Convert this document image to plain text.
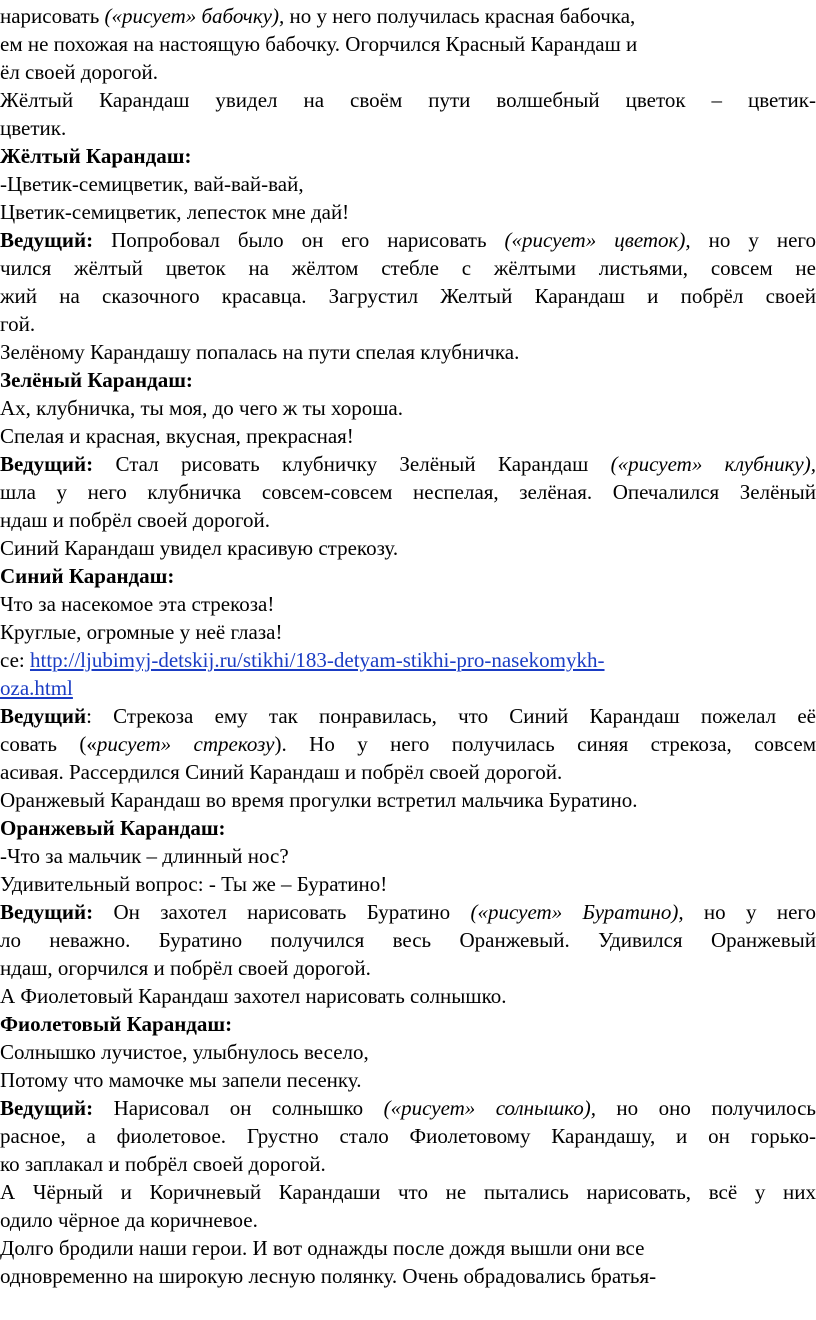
нарисовать («рисует» бабочку), но у него получилась красная бабочка,
ем не похожая на настоящую бабочку. Огорчился Красный Карандаш и
ёл своей дорогой.
Жёлтый Карандаш увидел на своём пути волшебный цветок – цветик-
цветик.
Жёлтый Карандаш:
-Цветик-семицветик, вай-вай-вай,
Цветик-семицветик, лепесток мне дай!
Ведущий: Попробовал было он его нарисовать («рисует» цветок), но у него
чился жёлтый цветок на жёлтом стебле с жёлтыми листьями, совсем не
жий на сказочного красавца. Загрустил Желтый Карандаш и побрёл своей
гой.
Зелёному Карандашу попалась на пути спелая клубничка.
Зелёный Карандаш:
Ах, клубничка, ты моя, до чего ж ты хороша.
Спелая и красная, вкусная, прекрасная!
Ведущий: Стал рисовать клубничку Зелёный Карандаш («рисует» клубнику),
шла у него клубничка совсем-совсем неспелая, зелёная. Опечалился Зелёный
ндаш и побрёл своей дорогой.
Синий Карандаш увидел красивую стрекозу.
Синий Карандаш:
Что за насекомое эта стрекоза!
Круглые, огромные у неё глаза!
се: http://ljubimyj-detskij.ru/stikhi/183-detyam-stikhi-pro-nasekomykh-
oza.html
Ведущий: Стрекоза ему так понравилась, что Синий Карандаш пожелал её
совать («рисует» стрекозу). Но у него получилась синяя стрекоза, совсем
асивая. Рассердился Синий Карандаш и побрёл своей дорогой.
Оранжевый Карандаш во время прогулки встретил мальчика Буратино.
Оранжевый Карандаш:
-Что за мальчик – длинный нос?
Удивительный вопрос: - Ты же – Буратино!
Ведущий: Он захотел нарисовать Буратино («рисует» Буратино), но у него
ло неважно. Буратино получился весь Оранжевый. Удивился Оранжевый
ндаш, огорчился и побрёл своей дорогой.
А Фиолетовый Карандаш захотел нарисовать солнышко.
Фиолетовый Карандаш:
Солнышко лучистое, улыбнулось весело,
Потому что мамочке мы запели песенку.
Ведущий: Нарисовал он солнышко («рисует» солнышко), но оно получилось
расное, а фиолетовое. Грустно стало Фиолетовому Карандашу, и он горько-
ко заплакал и побрёл своей дорогой.
А Чёрный и Коричневый Карандаши что не пытались нарисовать, всё у них
одило чёрное да коричневое.
Долго бродили наши герои. И вот однажды после дождя вышли они все
одновременно на широкую лесную полянку. Очень обрадовались братья-
